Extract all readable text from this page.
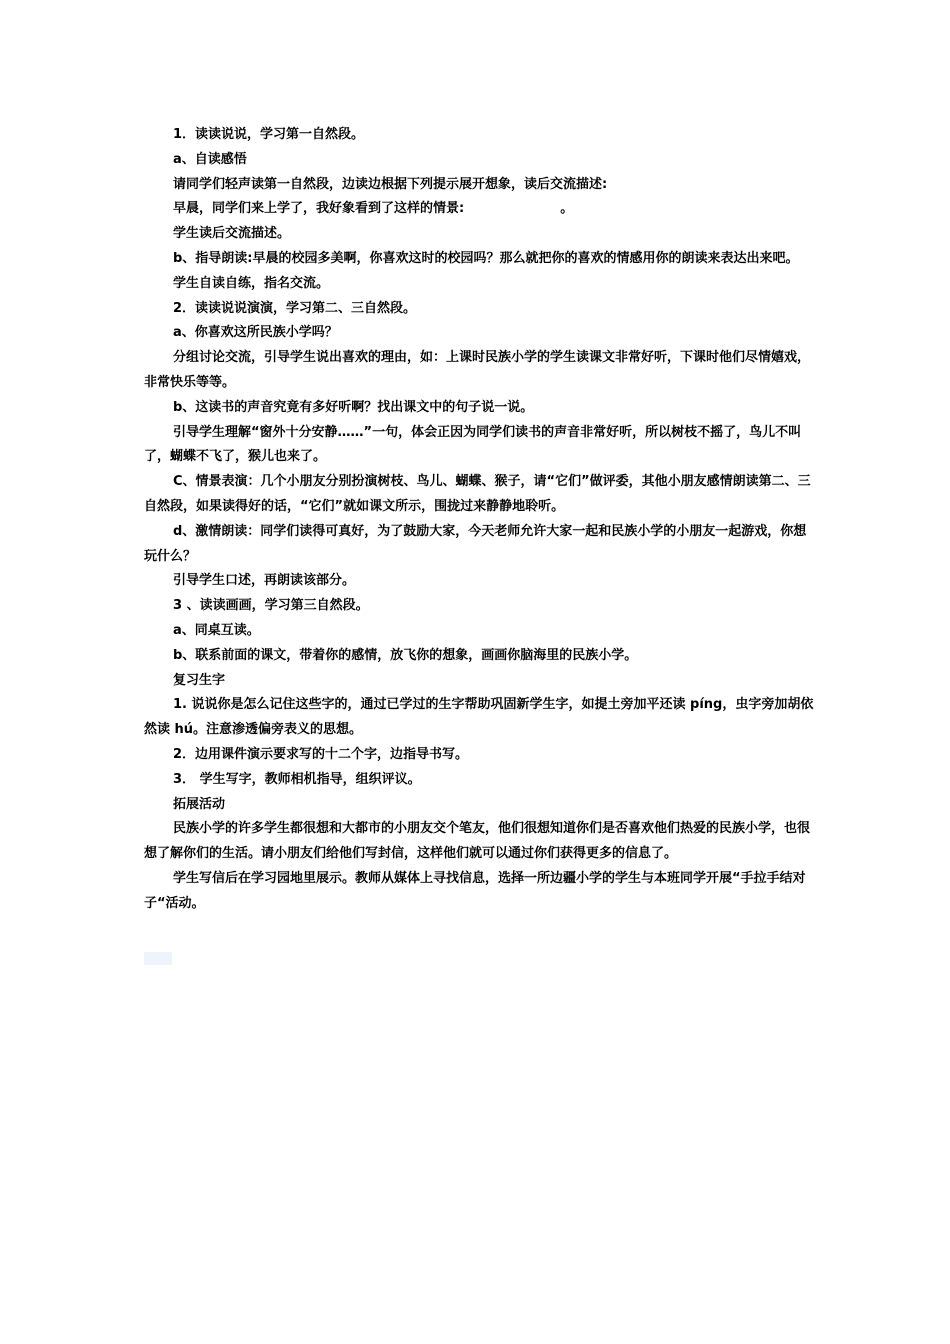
1．读读说说，学习第一自然段。

a、自读感悟

请同学们轻声读第一自然段，边读边根据下列提示展开想象，读后交流描述:

早晨，同学们来上学了，我好象看到了这样的情景:	。

学生读后交流描述。

b、指导朗读:早晨的校园多美啊，你喜欢这时的校园吗？那么就把你的喜欢的情感用你的朗读来表达出来吧。

学生自读自练，指名交流。

2．读读说说演演，学习第二、三自然段。

a、你喜欢这所民族小学吗？

分组讨论交流，引导学生说出喜欢的理由，如：上课时民族小学的学生读课文非常好听，下课时他们尽情嬉戏，非常快乐等等。

b、这读书的声音究竟有多好听啊？找出课文中的句子说一说。

引导学生理解“窗外十分安静……”一句，体会正因为同学们读书的声音非常好听，所以树枝不摇了，鸟儿不叫了，蝴蝶不飞了，猴儿也来了。

C、情景表演：几个小朋友分别扮演树枝、鸟儿、蝴蝶、猴子，请“它们”做评委，其他小朋友感情朗读第二、三自然段，如果读得好的话，“它们”就如课文所示，围拢过来静静地聆听。

d、激情朗读：同学们读得可真好，为了鼓励大家，今天老师允许大家一起和民族小学的小朋友一起游戏，你想玩什么？

引导学生口述，再朗读该部分。

3 、读读画画，学习第三自然段。

a、同桌互读。

b、联系前面的课文，带着你的感情，放飞你的想象，画画你脑海里的民族小学。

复习生字

1. 说说你是怎么记住这些字的，通过已学过的生字帮助巩固新学生字，如提土旁加平还读 píng，虫字旁加胡依然读 hú。注意渗透偏旁表义的思想。

2．边用课件演示要求写的十二个字，边指导书写。

3． 学生写字，教师相机指导，组织评议。

拓展活动

民族小学的许多学生都很想和大都市的小朋友交个笔友，他们很想知道你们是否喜欢他们热爱的民族小学，也很想了解你们的生活。请小朋友们给他们写封信，这样他们就可以通过你们获得更多的信息了。

学生写信后在学习园地里展示。教师从媒体上寻找信息，选择一所边疆小学的学生与本班同学开展“手拉手结对子“活动。
